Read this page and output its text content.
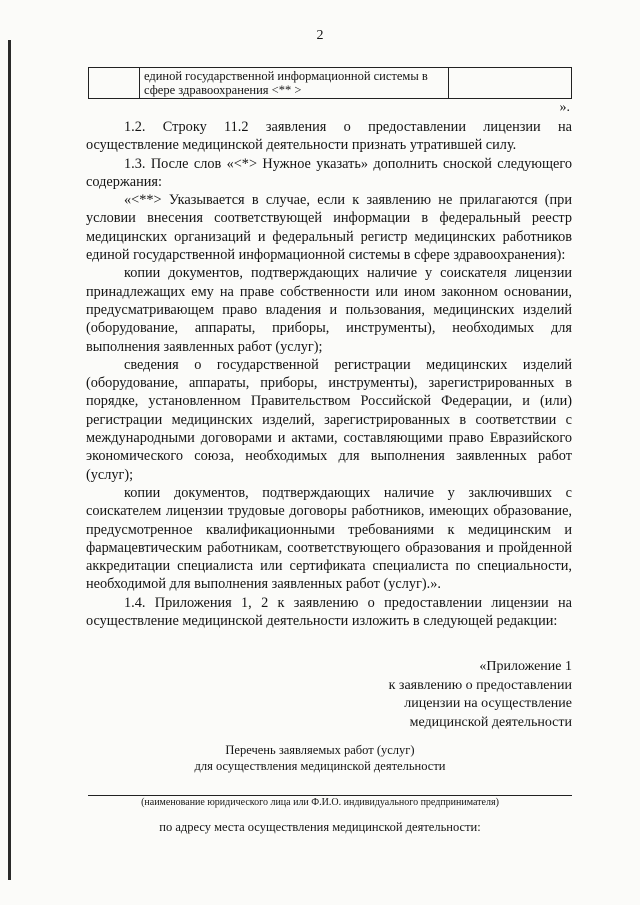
2

единой государственной информационной системы в
сфере здравоохранения <** >

».

1.2. Строку 11.2 заявления о предоставлении лицензии на осуществление медицинской деятельности признать утратившей силу.

1.3. После слов «<*> Нужное указать» дополнить сноской следующего содержания:

«<**> Указывается в случае, если к заявлению не прилагаются (при условии внесения соответствующей информации в федеральный реестр медицинских организаций и федеральный регистр медицинских работников единой государственной информационной системы в сфере здравоохранения):

копии документов, подтверждающих наличие у соискателя лицензии принадлежащих ему на праве собственности или ином законном основании, предусматривающем право владения и пользования, медицинских изделий (оборудование, аппараты, приборы, инструменты), необходимых для выполнения заявленных работ (услуг);

сведения о государственной регистрации медицинских изделий (оборудование, аппараты, приборы, инструменты), зарегистрированных в порядке, установленном Правительством Российской Федерации, и (или) регистрации медицинских изделий, зарегистрированных в соответствии с международными договорами и актами, составляющими право Евразийского экономического союза, необходимых для выполнения заявленных работ (услуг);

копии документов, подтверждающих наличие у заключивших с соискателем лицензии трудовые договоры работников, имеющих образование, предусмотренное квалификационными требованиями к медицинским и фармацевтическим работникам, соответствующего образования и пройденной аккредитации специалиста или сертификата специалиста по специальности, необходимой для выполнения заявленных работ (услуг).».

1.4. Приложения 1, 2 к заявлению о предоставлении лицензии на осуществление медицинской деятельности изложить в следующей редакции:

«Приложение 1
к заявлению о предоставлении
лицензии на осуществление
медицинской деятельности
Перечень заявляемых работ (услуг)
для осуществления медицинской деятельности
(наименование юридического лица или Ф.И.О. индивидуального предпринимателя)
по адресу места осуществления медицинской деятельности:
